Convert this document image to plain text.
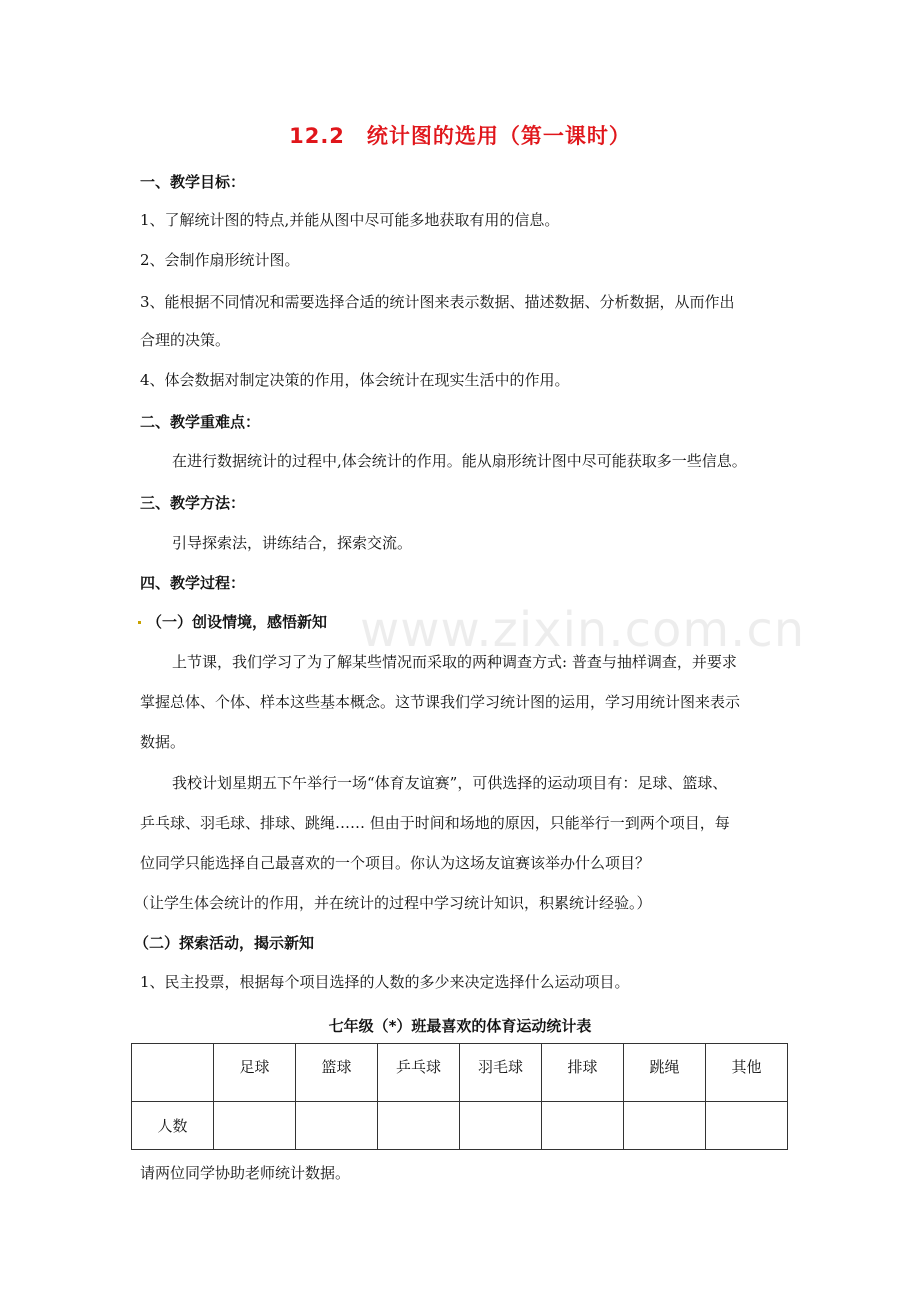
12.2　统计图的选用（第一课时）
一、教学目标：
1、了解统计图的特点,并能从图中尽可能多地获取有用的信息。
2、会制作扇形统计图。
3、能根据不同情况和需要选择合适的统计图来表示数据、描述数据、分析数据，从而作出
合理的决策。
4、体会数据对制定决策的作用，体会统计在现实生活中的作用。
二、教学重难点：
在进行数据统计的过程中,体会统计的作用。能从扇形统计图中尽可能获取多一些信息。
三、教学方法：
引导探索法，讲练结合，探索交流。
四、教学过程：
www.zixin.com.cn
（一）创设情境，感悟新知
上节课，我们学习了为了解某些情况而采取的两种调查方式: 普查与抽样调查，并要求
掌握总体、个体、样本这些基本概念。这节课我们学习统计图的运用，学习用统计图来表示
数据。
我校计划星期五下午举行一场“体育友谊赛”，可供选择的运动项目有：足球、篮球、
乒乓球、羽毛球、排球、跳绳…… 但由于时间和场地的原因，只能举行一到两个项目，每
位同学只能选择自己最喜欢的一个项目。你认为这场友谊赛该举办什么项目？
（让学生体会统计的作用，并在统计的过程中学习统计知识，积累统计经验。）
（二）探索活动，揭示新知
1、民主投票，根据每个项目选择的人数的多少来决定选择什么运动项目。
七年级（*）班最喜欢的体育运动统计表
	足球	篮球	乒乓球	羽毛球	排球	跳绳	其他
人数							
请两位同学协助老师统计数据。
